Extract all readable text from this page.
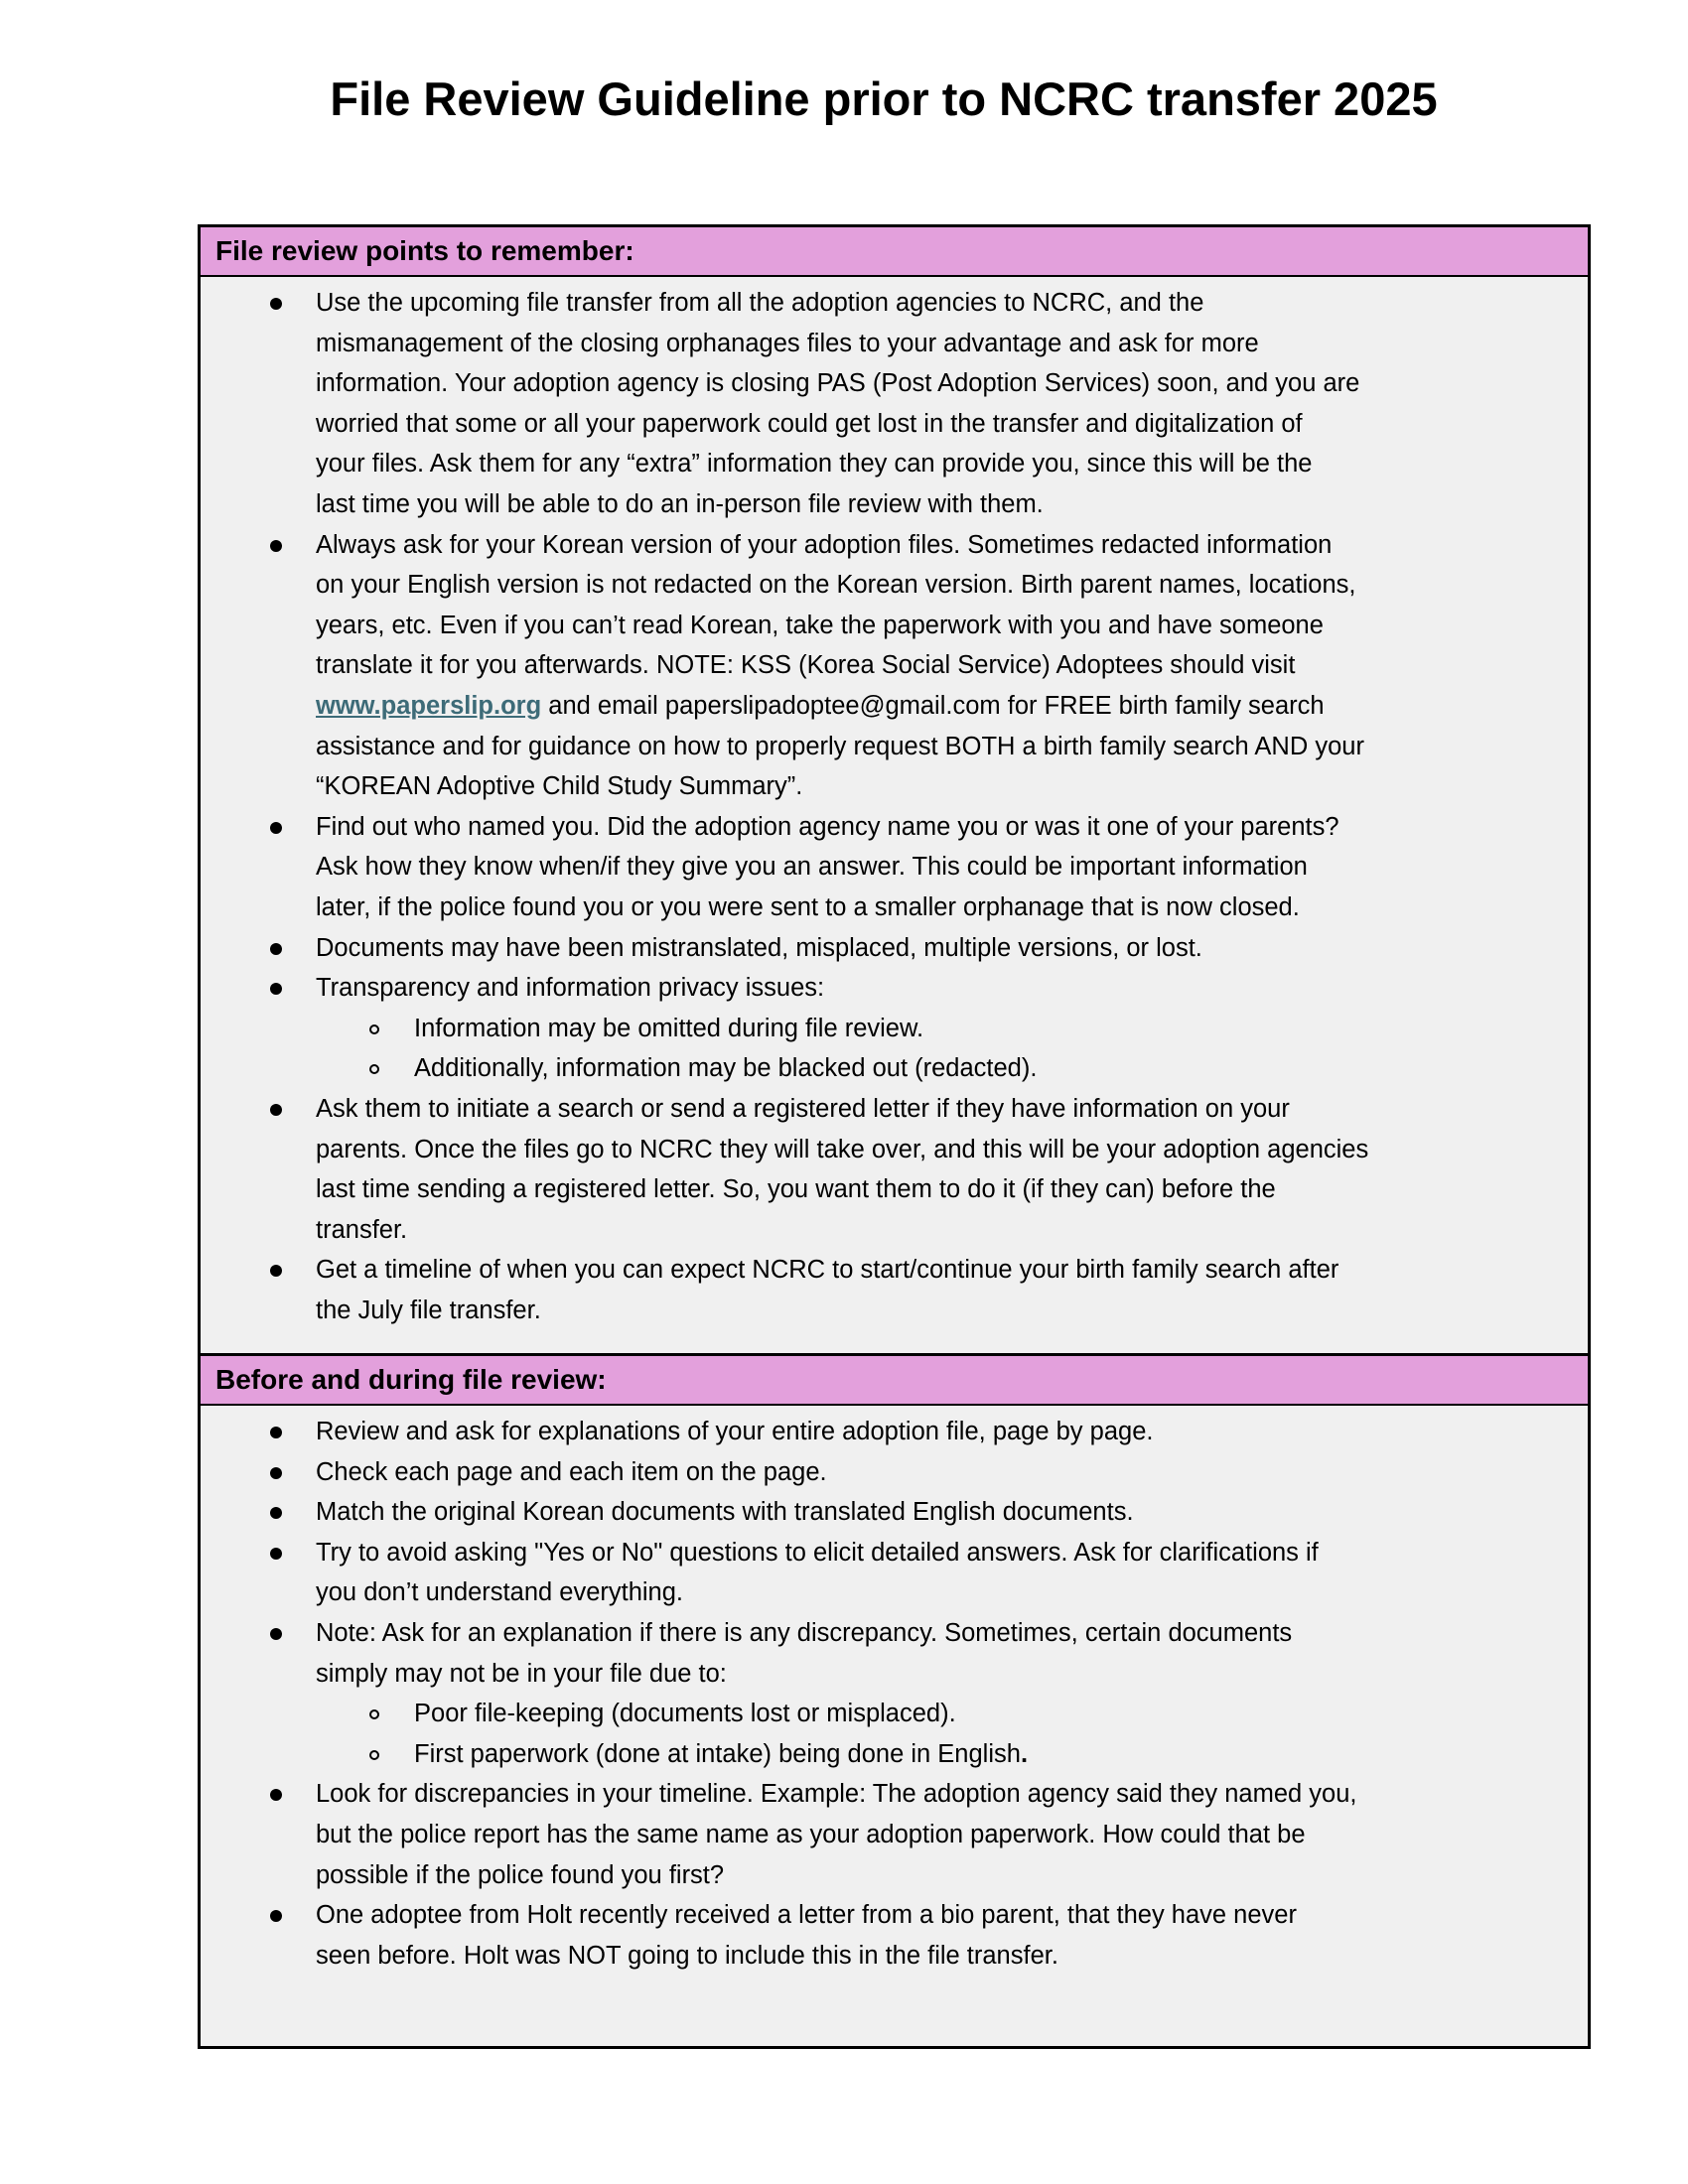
File Review Guideline prior to NCRC transfer 2025
File review points to remember:
Use the upcoming file transfer from all the adoption agencies to NCRC, and the
mismanagement of the closing orphanages files to your advantage and ask for more
information. Your adoption agency is closing PAS (Post Adoption Services) soon, and you are
worried that some or all your paperwork could get lost in the transfer and digitalization of
your files. Ask them for any “extra” information they can provide you, since this will be the
last time you will be able to do an in-person file review with them.
Always ask for your Korean version of your adoption files. Sometimes redacted information
on your English version is not redacted on the Korean version. Birth parent names, locations,
years, etc. Even if you can’t read Korean, take the paperwork with you and have someone
translate it for you afterwards. NOTE: KSS (Korea Social Service) Adoptees should visit
www.paperslip.org and email paperslipadoptee@gmail.com for FREE birth family search
assistance and for guidance on how to properly request BOTH a birth family search AND your
“KOREAN Adoptive Child Study Summary”.
Find out who named you. Did the adoption agency name you or was it one of your parents?
Ask how they know when/if they give you an answer. This could be important information
later, if the police found you or you were sent to a smaller orphanage that is now closed.
Documents may have been mistranslated, misplaced, multiple versions, or lost.
Transparency and information privacy issues:
Information may be omitted during file review.
Additionally, information may be blacked out (redacted).
Ask them to initiate a search or send a registered letter if they have information on your
parents. Once the files go to NCRC they will take over, and this will be your adoption agencies
last time sending a registered letter. So, you want them to do it (if they can) before the
transfer.
Get a timeline of when you can expect NCRC to start/continue your birth family search after
the July file transfer.
Before and during file review:
Review and ask for explanations of your entire adoption file, page by page.
Check each page and each item on the page.
Match the original Korean documents with translated English documents.
Try to avoid asking "Yes or No" questions to elicit detailed answers. Ask for clarifications if
you don’t understand everything.
Note: Ask for an explanation if there is any discrepancy. Sometimes, certain documents
simply may not be in your file due to:
Poor file-keeping (documents lost or misplaced).
First paperwork (done at intake) being done in English.
Look for discrepancies in your timeline. Example: The adoption agency said they named you,
but the police report has the same name as your adoption paperwork. How could that be
possible if the police found you first?
One adoptee from Holt recently received a letter from a bio parent, that they have never
seen before. Holt was NOT going to include this in the file transfer.
